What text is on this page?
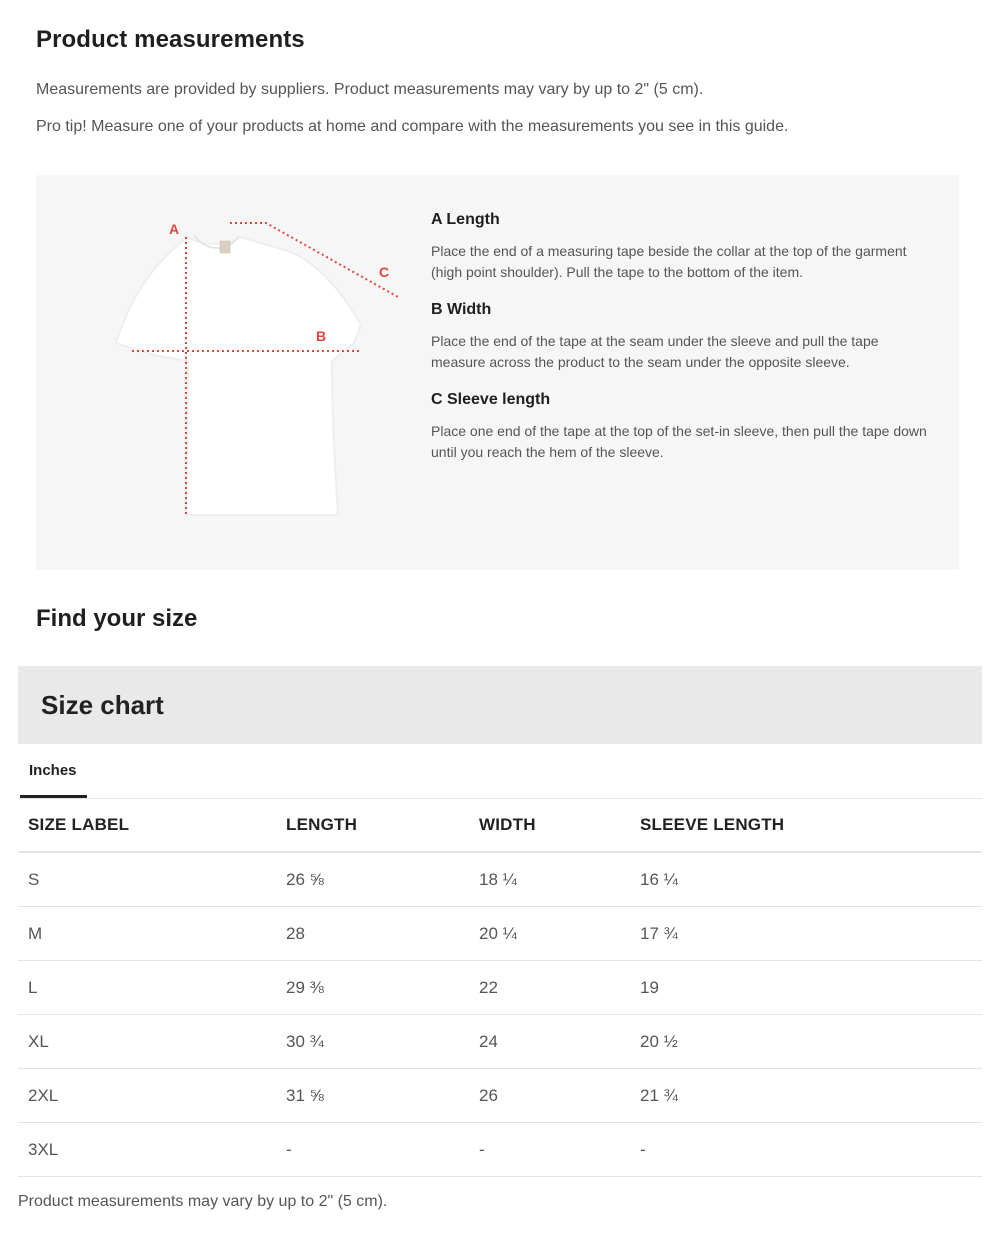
Product measurements
Measurements are provided by suppliers. Product measurements may vary by up to 2" (5 cm).
Pro tip! Measure one of your products at home and compare with the measurements you see in this guide.
A
B
C
A Length
Place the end of a measuring tape beside the collar at the top of the garment (high point shoulder). Pull the tape to the bottom of the item.
B Width
Place the end of the tape at the seam under the sleeve and pull the tape measure across the product to the seam under the opposite sleeve.
C Sleeve length
Place one end of the tape at the top of the set-in sleeve, then pull the tape down until you reach the hem of the sleeve.
Find your size
Size chart	⌃
Inches
SIZE LABEL	LENGTH	WIDTH	SLEEVE LENGTH
S	26 ⅝	18 ¼	16 ¼
M	28	20 ¼	17 ¾
L	29 ⅜	22	19
XL	30 ¾	24	20 ½
2XL	31 ⅝	26	21 ¾
3XL	-	-	-
Product measurements may vary by up to 2" (5 cm).
